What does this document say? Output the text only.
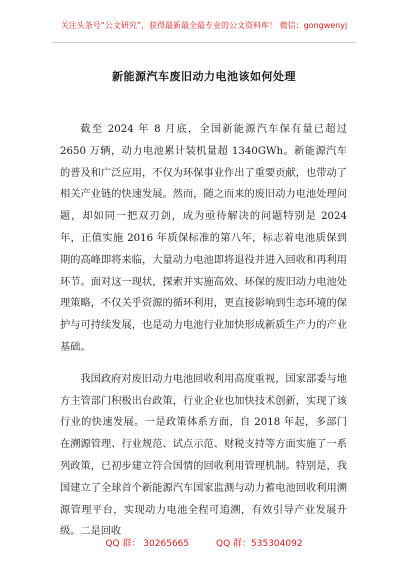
关注头条号“公文研究”，获得最新最全最专业的公文资料库！ 微信：gongwenyj
新能源汽车废旧动力电池该如何处理

截至 2024 年 8 月底，全国新能源汽车保有量已超过 2650 万辆，动力电池累计装机量超 1340GWh。新能源汽车的普及和广泛应用，不仅为环保事业作出了重要贡献，也带动了相关产业链的快速发展。然而，随之而来的废旧动力电池处理问题，却如同一把双刃剑，成为亟待解决的问题特别是 2024 年，正值实施 2016 年质保标准的第八年，标志着电池质保到期的高峰即将来临，大量动力电池即将退役并进入回收和再利用环节。面对这一现状，探索并实施高效、环保的废旧动力电池处理策略，不仅关乎资源的循环利用，更直接影响到生态环境的保护与可持续发展，也是动力电池行业加快形成新质生产力的产业基础。

我国政府对废旧动力电池回收利用高度重视，国家部委与地方主管部门积极出台政策，行业企业也加快技术创新，实现了该行业的快速发展。一是政策体系方面，自 2018 年起，多部门在溯源管理、行业规范、试点示范、财税支持等方面实施了一系列政策，已初步建立符合国情的回收利用管理机制。特别是，我国建立了全球首个新能源汽车国家监测与动力蓄电池回收利用溯源管理平台，实现动力电池全程可追溯，有效引导产业发展升级。二是回收

QQ 群： 30265665	QQ 群：535304092
